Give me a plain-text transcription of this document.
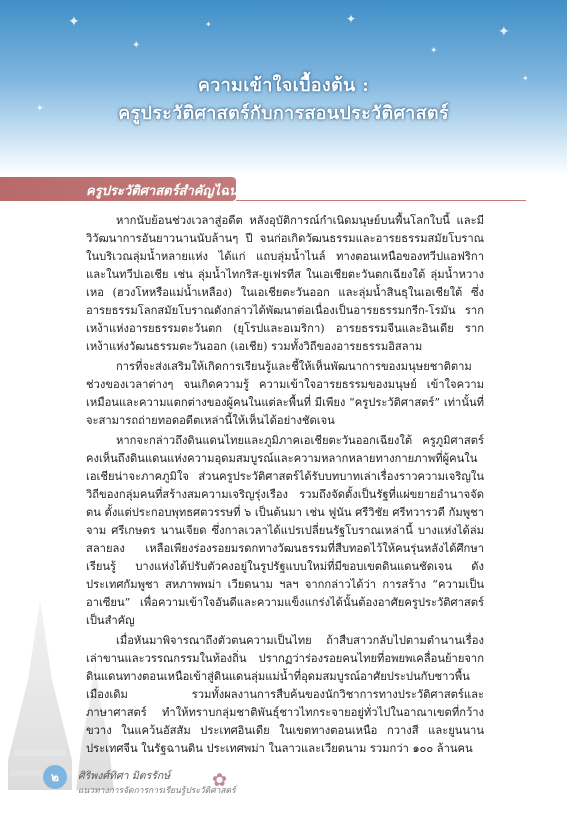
✦
✦
✦	✦
✦
✦
✦
✦
ความเข้าใจเบื้องต้น :
ครูประวัติศาสตร์กับการสอนประวัติศาสตร์
ครูประวัติศาสตร์สำคัญไฉน

หากนับย้อนช่วงเวลาสู่อดีต หลังอุบัติการณ์กำเนิดมนุษย์บนพื้นโลกใบนี้ และมีวิวัฒนาการอันยาวนานนับล้านๆ ปี จนก่อเกิดวัฒนธรรมและอารยธรรมสมัยโบราณในบริเวณลุ่มน้ำหลายแห่ง ได้แก่ แถบลุ่มน้ำไนล์ ทางตอนเหนือของทวีปแอฟริกา และในทวีปเอเชีย เช่น ลุ่มน้ำไทกริส-ยูเฟรทีส ในเอเชียตะวันตกเฉียงใต้ ลุ่มน้ำหวางเหอ (ฮวงโหหรือแม่น้ำเหลือง) ในเอเชียตะวันออก และลุ่มน้ำสินธุในเอเชียใต้ ซึ่งอารยธรรมโลกสมัยโบราณดังกล่าวได้พัฒนาต่อเนื่องเป็นอารยธรรมกรีก-โรมัน รากเหง้าแห่งอารยธรรมตะวันตก (ยุโรปและอเมริกา) อารยธรรมจีนและอินเดีย รากเหง้าแห่งวัฒนธรรมตะวันออก (เอเชีย) รวมทั้งวิถีของอารยธรรมอิสลาม

การที่จะส่งเสริมให้เกิดการเรียนรู้และชี้ให้เห็นพัฒนาการของมนุษยชาติตามช่วงของเวลาต่างๆ จนเกิดความรู้ ความเข้าใจอารยธรรมของมนุษย์ เข้าใจความเหมือนและความแตกต่างของผู้คนในแต่ละพื้นที่ มีเพียง “ครูประวัติศาสตร์” เท่านั้นที่จะสามารถถ่ายทอดอดีตเหล่านี้ให้เห็นได้อย่างชัดเจน

หากจะกล่าวถึงดินแดนไทยและภูมิภาคเอเชียตะวันออกเฉียงใต้ ครูภูมิศาสตร์คงเห็นถึงดินแดนแห่งความอุดมสมบูรณ์และความหลากหลายทางกายภาพที่ผู้คนในเอเชียน่าจะภาคภูมิใจ ส่วนครูประวัติศาสตร์ได้รับบทบาทเล่าเรื่องราวความเจริญในวิถีของกลุ่มคนที่สร้างสมความเจริญรุ่งเรือง รวมถึงจัดตั้งเป็นรัฐที่แผ่ขยายอำนาจจัดตน ตั้งแต่ประกอบพุทธศตวรรษที่ ๖ เป็นต้นมา เช่น ฟูนัน ศรีวิชัย ศรีทวารวดี กัมพูชา จาม ศรีเกษตร นานเจียด ซึ่งกาลเวลาได้แปรเปลี่ยนรัฐโบราณเหล่านี้ บางแห่งได้ล่มสลายลง เหลือเพียงร่องรอยมรดกทางวัฒนธรรมที่สืบทอดไว้ให้คนรุ่นหลังได้ศึกษาเรียนรู้ บางแห่งได้ปรับตัวคงอยู่ในรูปรัฐแบบใหม่ที่มีขอบเขตดินแดนชัดเจน ดังประเทศกัมพูชา สหภาพพม่า เวียดนาม ฯลฯ จากกล่าวได้ว่า การสร้าง “ความเป็นอาเซียน” เพื่อความเข้าใจอันดีและความแข็งแกร่งได้นั้นต้องอาศัยครูประวัติศาสตร์เป็นสำคัญ

เมื่อหันมาพิจารณาถึงตัวตนความเป็นไทย ถ้าสืบสาวกลับไปตามตำนานเรื่องเล่าขานและวรรณกรรมในท้องถิ่น ปรากฏว่าร่องรอยคนไทยที่อพยพเคลื่อนย้ายจากดินแดนทางตอนเหนือเข้าสู่ดินแดนลุ่มแม่น้ำที่อุดมสมบูรณ์อาศัยประปนกับชาวพื้นเมืองเดิม รวมทั้งผลงานการสืบค้นของนักวิชาการทางประวัติศาสตร์และภาษาศาสตร์ ทำให้ทราบกลุ่มชาติพันธุ์ชาวไทกระจายอยู่ทั่วไปในอาณาเขตที่กว้างขวาง ในแคว้นอัสสัม ประเทศอินเดีย ในเขตทางตอนเหนือ กวางสี และยูนนาน ประเทศจีน ในรัฐฉานดิน ประเทศพม่า ในลาวและเวียดนาม รวมกว่า ๑๐๐ ล้านคน

๒	ศิริพงศ์ทิศา มิตรรักษ์
แนวทางการจัดการการเรียนรู้ประวัติศาสตร์
✿
